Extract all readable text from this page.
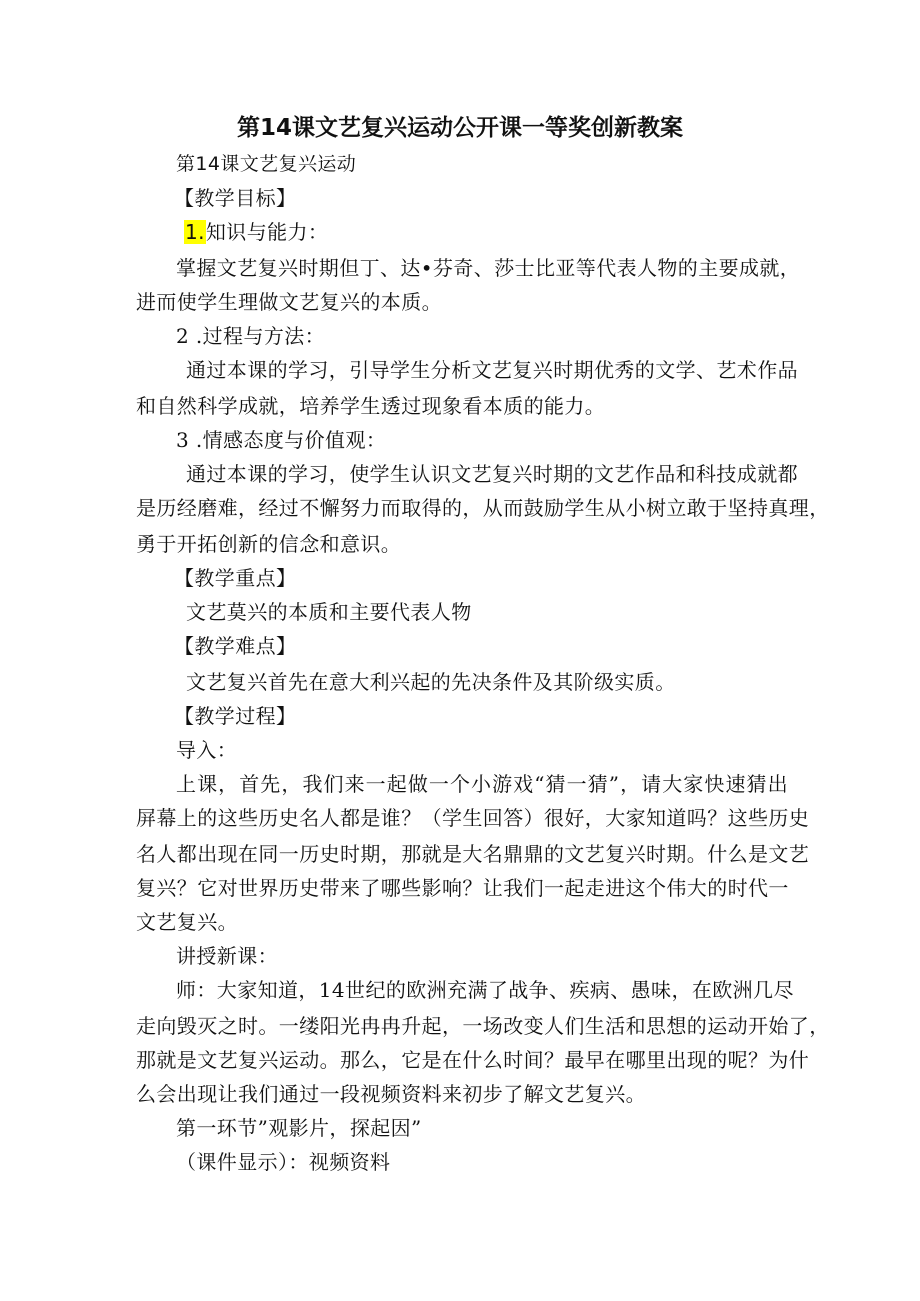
第14课文艺复兴运动公开课一等奖创新教案
第14课文艺复兴运动
【教学目标】
1.知识与能力：
掌握文艺复兴时期但丁、达•芬奇、莎士比亚等代表人物的主要成就，
进而使学生理做文艺复兴的本质。
2 .过程与方法：
通过本课的学习，引导学生分析文艺复兴时期优秀的文学、艺术作品
和自然科学成就，培养学生透过现象看本质的能力。
3 .情感态度与价值观：
通过本课的学习，使学生认识文艺复兴时期的文艺作品和科技成就都
是历经磨难，经过不懈努力而取得的，从而鼓励学生从小树立敢于坚持真理，
勇于开拓创新的信念和意识。
【教学重点】
文艺莫兴的本质和主要代表人物
【教学难点】
文艺复兴首先在意大利兴起的先决条件及其阶级实质。
【教学过程】
导入：
上课，首先，我们来一起做一个小游戏“猜一猜”，请大家快速猜出
屏幕上的这些历史名人都是谁？（学生回答）很好，大家知道吗？这些历史
名人都出现在同一历史时期，那就是大名鼎鼎的文艺复兴时期。什么是文艺
复兴？它对世界历史带来了哪些影响？让我们一起走进这个伟大的时代一
文艺复兴。
讲授新课：
师：大家知道，14世纪的欧洲充满了战争、疾病、愚味，在欧洲几尽
走向毁灭之时。一缕阳光冉冉升起，一场改变人们生活和思想的运动开始了，
那就是文艺复兴运动。那么，它是在什么时间？最早在哪里出现的呢？为什
么会出现让我们通过一段视频资料来初步了解文艺复兴。
第一环节”观影片，探起因”
（课件显示）：视频资料
